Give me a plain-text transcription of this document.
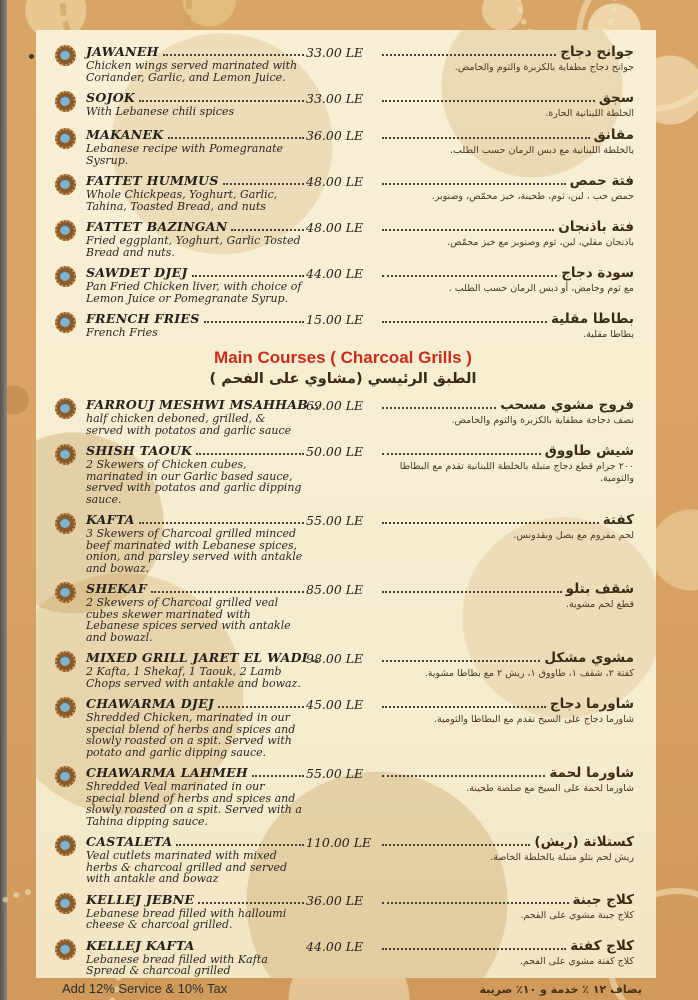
JAWANEH
Chicken wings served marinated with Coriander, Garlic, and Lemon Juice.
33.00 LE	جوانح دجاج
جوانح دجاج مطفاية بالكزبرة والثوم والحامض.
SOJOK
With Lebanese chili spices
33.00 LE	سجق
الخلطة اللبنانية الحارة.
MAKANEK
Lebanese recipe with Pomegranate Sysrup.
36.00 LE	مقانق
بالخلطة اللبنانية مع دبس الرمان حسب الطلب.
FATTET HUMMUS
Whole Chickpeas, Yoghurt, Garlic, Tahina, Toasted Bread, and nuts
48.00 LE	فتة حمص
حمص حب ، لبن، ثوم، طحينة، خبز محمّص، وصنوبر.
FATTET BAZINGAN
Fried eggplant, Yoghurt, Garlic Tosted Bread and nuts.
48.00 LE	فتة باذنجان
باذنجان مقلي، لبن، ثوم وصنوبر مع خبز محمّص.
SAWDET DJEJ
Pan Fried Chicken liver, with choice of Lemon Juice or Pomegranate Syrup.
44.00 LE	سودة دجاج
مع ثوم وحامض، أو دبس الرمان حسب الطلب .
FRENCH FRIES
French Fries
15.00 LE	بطاطا مقلية
بطاطا مقلية.
Main Courses ( Charcoal Grills )
الطبق الرئيسي (مشاوي على الفحم )
FARROUJ MESHWI MSAHHAB
half chicken deboned, grilled, & served with potatos and garlic sauce
69.00 LE	فروج مشوي مسحب
نصف دجاجة مطفاية بالكزبرة والثوم والحامض.
SHISH TAOUK
2 Skewers of Chicken cubes, marinated in our Garlic based sauce, served with potatos and garlic dipping sauce.
50.00 LE	شيش طاووق
٢٠٠ جرام قطع دجاج متبلة بالخلطة اللبنانية تقدم مع البطاطا والثومية.
KAFTA
3 Skewers of Charcoal grilled minced beef marinated with Lebanese spices, onion, and parsley served with antakle and bowaz.
55.00 LE	كفتة
لحم مفروم مع بصل وبقدونس.
SHEKAF
2 Skewers of Charcoal grilled veal cubes skewer marinated with Lebanese spices served with antakle and bowazl.
85.00 LE	شقف بتلو
قطع لحم مشوية.
MIXED GRILL JARET EL WADI
2 Kafta, 1 Shekaf, 1 Taouk, 2 Lamb Chops served with antakle and bowaz.
98.00 LE	مشوي مشكل
كفتة ٢، شقف ١، طاووق ١، ريش ٢ مع بطاطا مشوية.
CHAWARMA DJEJ
Shredded Chicken, marinated in our special blend of herbs and spices and slowly roasted on a spit. Served with potato and garlic dipping sauce.
45.00 LE	شاورما دجاج
شاورما دجاج على السيخ تقدم مع البطاطا والثومية.
CHAWARMA LAHMEH
Shredded Veal marinated in our special blend of herbs and spices and slowly roasted on a spit. Served with a Tahina dipping sauce.
55.00 LE	شاورما لحمة
شاورما لحمة على السيخ مع صلصة طحينة.
CASTALETA
Veal cutlets marinated with mixed herbs & charcoal grilled and served with antakle and bowaz
110.00 LE	كستلاتة (ريش)
ريش لحم بتلو متبلة بالخلطة الخاصة.
KELLEJ JEBNE
Lebanese bread filled with halloumi cheese & charcoal grilled.
36.00 LE	كلاج جبنة
كلاج جبنة مشوي على الفحم.
KELLEJ KAFTA
Lebanese bread filled with Kafta Spread & charcoal grilled
44.00 LE	كلاج كفتة
كلاج كفتة مشوي على الفحم.
Add 12% Service & 10% Tax	يضاف ١٢ ٪ خدمة و ١٠٪ ضريبة
